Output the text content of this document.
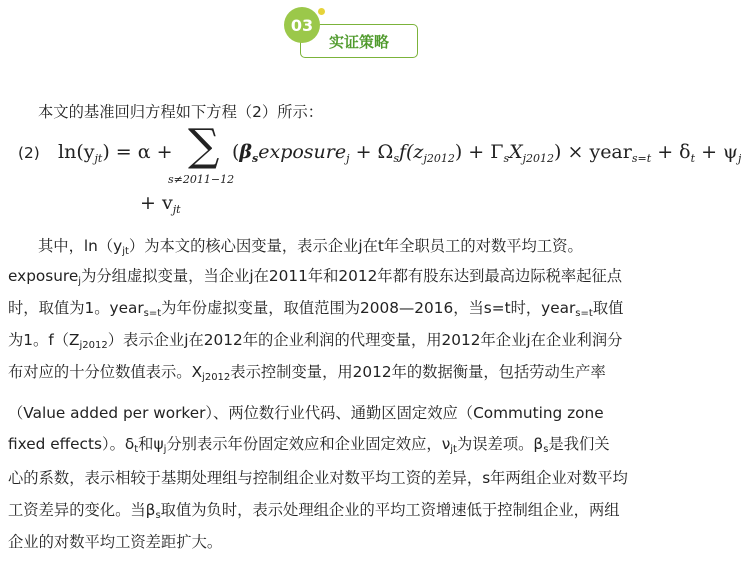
实证策略
03
本文的基准回归方程如下方程（2）所示：
(2) $\ln(y_{jt}) = \alpha$ + ∑
s≠2011−12
$(\beta_sexposure_j + \Omega_sf(z_{j2012}) + \Gamma_sX_{j2012})$ × year$_{s=t}$ + $\delta_t + \psi$
+ $v_{jt}$
其中，$\ln(y_{jt})$为本文的核心因变量，表示企业j在t年全职员工的对数平均工资。
exposure$_j$为分组虚拟变量，当企业j在2011年和2012年都有股东达到最高边际税率起征点
时，取值为1。year$_{s=t}$为年份虚拟变量，取值范围为2008—2016，当s=t时，year$_{s=t}$取值
为1。$f(Z_{j2012})$表示企业j在2012年的企业利润的代理变量，用2012年企业j在企业利润分
布对应的十分位数值表示。$X_{j2012}$表示控制变量，用2012年的数据衡量，包括劳动生产率
（Value added per worker）、两位数行业代码、通勤区固定效应（Commuting zone
fixed effects）。$\delta_t$和$\psi_j$分别表示年份固定效应和企业固定效应，$\nu_{jt}$为误差项。$\beta_s$是我们关
心的系数，表示相较于基期处理组与控制组企业对数平均工资的差异，s年两组企业对数平均
工资差异的变化。当$\beta_s$取值为负时，表示处理组企业的平均工资增速低于控制组企业，两组
企业的对数平均工资差距扩大。
